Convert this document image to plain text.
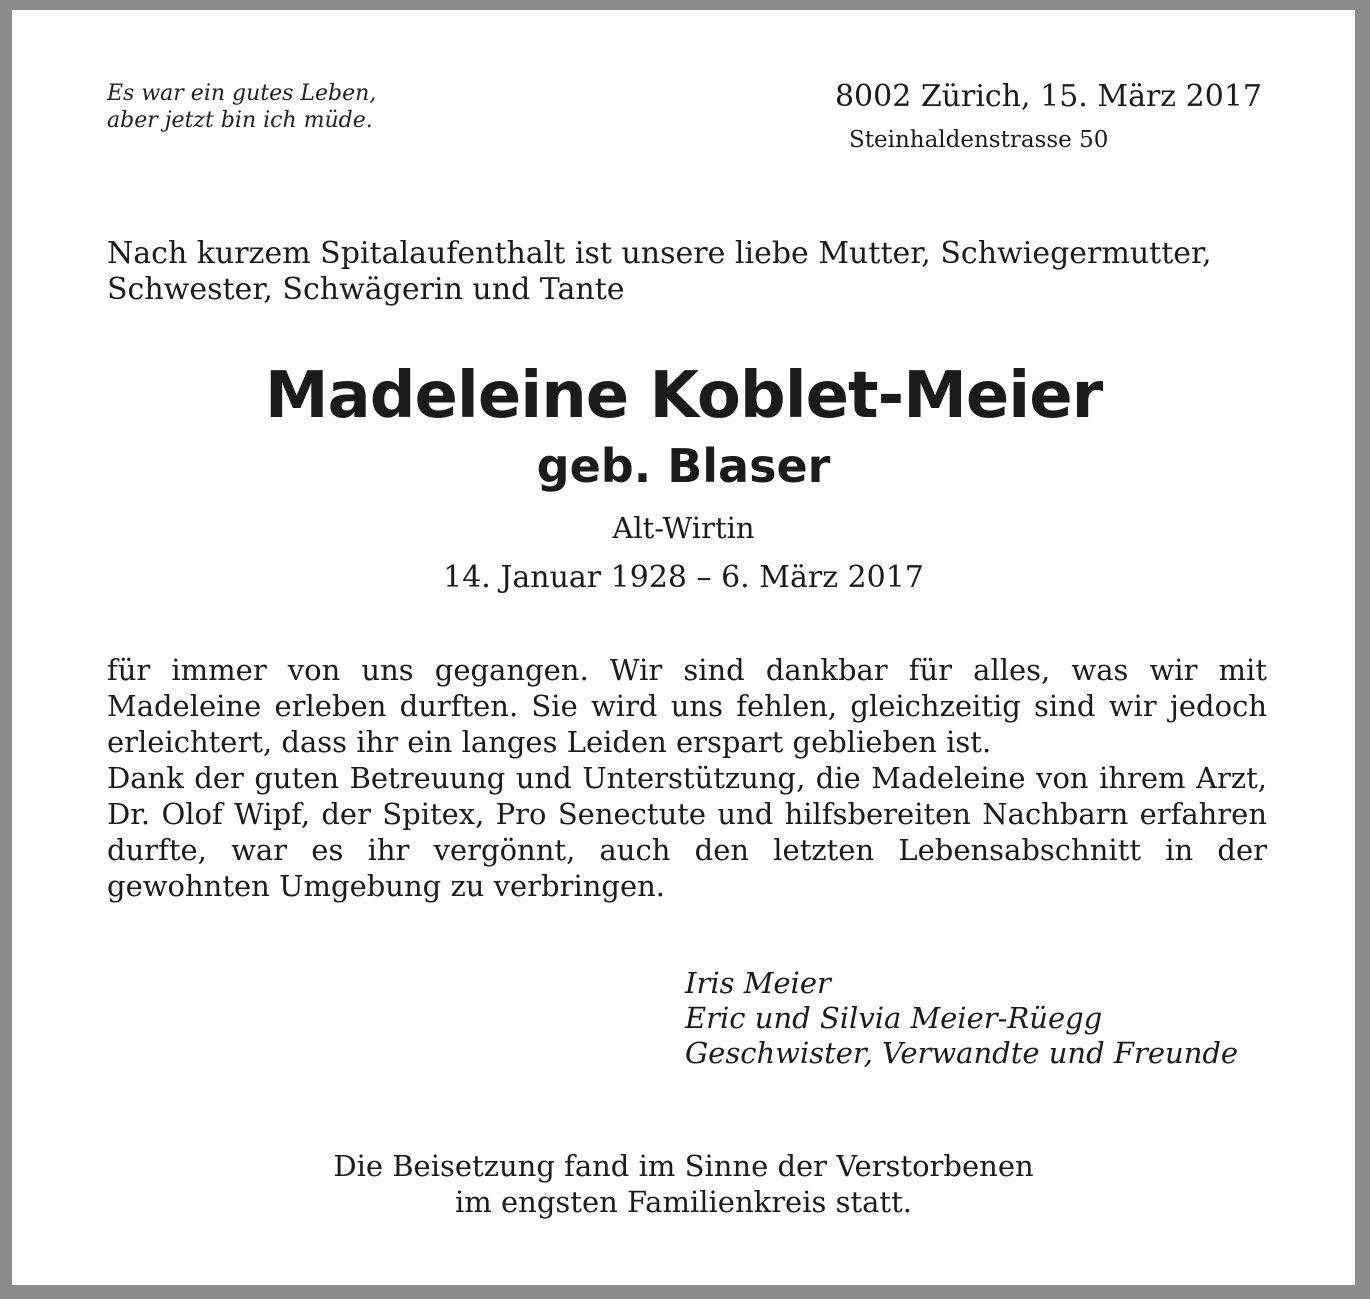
Es war ein gutes Leben,
aber jetzt bin ich müde.
8002 Zürich, 15. März 2017
Steinhaldenstrasse 50
Nach kurzem Spitalaufenthalt ist unsere liebe Mutter, Schwiegermutter,
Schwester, Schwägerin und Tante
Madeleine Koblet-Meier
geb. Blaser
Alt-Wirtin
14. Januar 1928 – 6. März 2017

für immer von uns gegangen. Wir sind dankbar für alles, was wir mit Madeleine erleben durften. Sie wird uns fehlen, gleichzeitig sind wir jedoch erleichtert, dass ihr ein langes Leiden erspart geblieben ist.

Dank der guten Betreuung und Unterstützung, die Madeleine von ihrem Arzt, Dr. Olof Wipf, der Spitex, Pro Senectute und hilfsbereiten Nachbarn erfahren durfte, war es ihr vergönnt, auch den letzten Lebensabschnitt in der gewohnten Umgebung zu verbringen.

Iris Meier
Eric und Silvia Meier-Rüegg
Geschwister, Verwandte und Freunde
Die Beisetzung fand im Sinne der Verstorbenen
im engsten Familienkreis statt.
